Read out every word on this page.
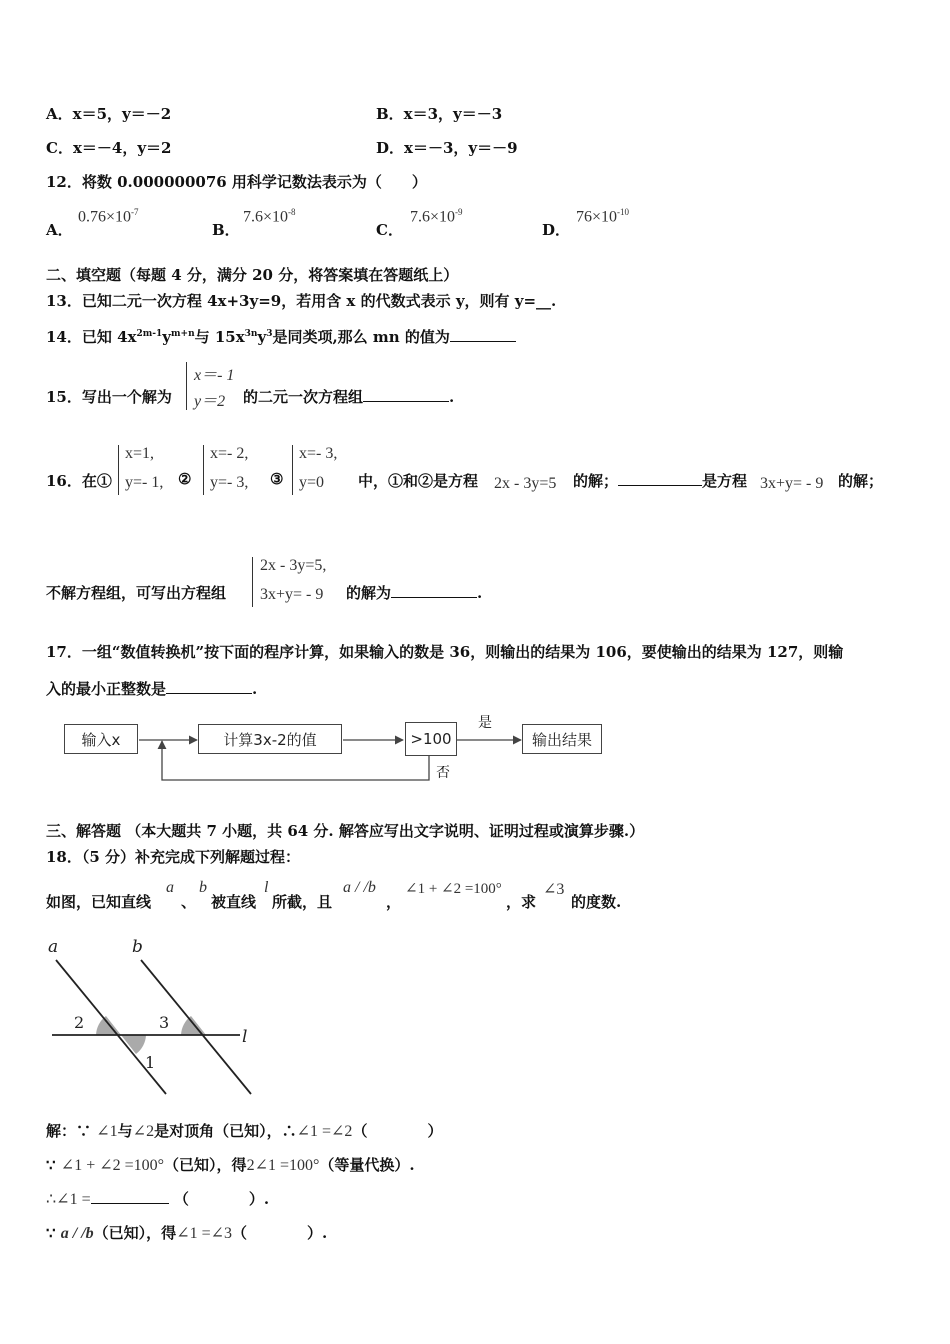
A．x＝5，y＝－2	B．x＝3，y＝－3
C．x＝－4，y＝2	D．x＝－3，y＝－9
12．将数 0.000000076 用科学记数法表示为（　　）
A．
$0.76\times 10^{-7}$
B．
$7.6\times 10^{-8}$
C．
$7.6\times 10^{-9}$
D．
$76\times 10^{-10}$
二、填空题（每题 4 分，满分 20 分，将答案填在答题纸上）
13．已知二元一次方程 4x+3y=9，若用含 x 的代数式表示 y，则有 y=__.
14．已知 $4x^{2m-1}y^{m+n}$与 $15x^{3n}y^3$是同类项,那么 mn 的值为
15．写出一个解为
x＝- 1
y＝2 的二元一次方程组	.
16．在①
x=1,
y=- 1, ②
x=- 2,
y=- 3, ③
x=- 3,
y=0 中，①和②是方程 2x - 3y=5 的解；	是方程 3x+y= - 9 的解；
不解方程组，可写出方程组
2x - 3y=5,
3x+y= - 9 的解为	.
17．一组“数值转换机”按下面的程序计算，如果输入的数是 36，则输出的结果为 106，要使输出的结果为 127，则输
入的最小正整数是	.
输入x	计算3x-2的值	>100	输出结果
是
否
三、解答题 （本大题共 7 小题，共 64 分. 解答应写出文字说明、证明过程或演算步骤.）
18．（5 分）补充完成下列解题过程：
如图，已知直线
a
、
b
被直线
l
所截，且
a / /b
，
∠1 + ∠2 =100°
，求
∠3
的度数.
a	b
l
2
1
3
解：∵ ∠1与∠2是对顶角（已知），∴∠1 =∠2（　　　　）
∵ ∠1 + ∠2 =100°（已知），得2∠1 =100°（等量代换）.
∴∠1 =	（　　　　）.
∵ a / /b（已知），得∠1 =∠3（　　　　）.
